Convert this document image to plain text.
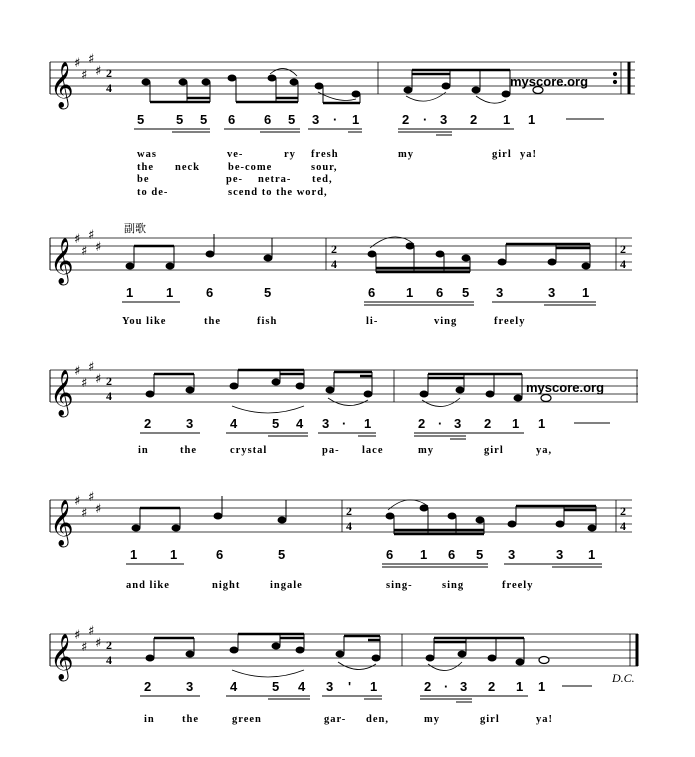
𝄞 ♯
♯
♯
♯ 2
4	myscore.org
5 5 5 6 6 5 3 · 1	2 · 3 2 1 1
was	ve-	ry fresh	my	girl ya!
the neck	be-come	sour,
be	pe- netra- ted,
to de-	scend to the word,
副歌
𝄞 ♯
♯
♯
♯	2
4
2
4
1	1	6	5	6 1 6 5 3	3 1
You like	the	fish	li-	ving	freely
𝄞 ♯
♯
♯
♯ 2
4
myscore.org
2	3	4	5 4 3 · 1	2 · 3 2 1 1
in	the	crystal	pa- lace	my	girl	ya,
𝄞 ♯
♯
♯
♯	2
4
2
4
1	1	6	5	6 1 6 5 3	3 1
and like	night	ingale	sing-	sing	freely
𝄞 ♯
♯
♯
♯ 2
4
D.C.
2	3	4	5 4 3 ' 1	2 · 3 2 1 1
in	the	green	gar- den,	my	girl	ya!
